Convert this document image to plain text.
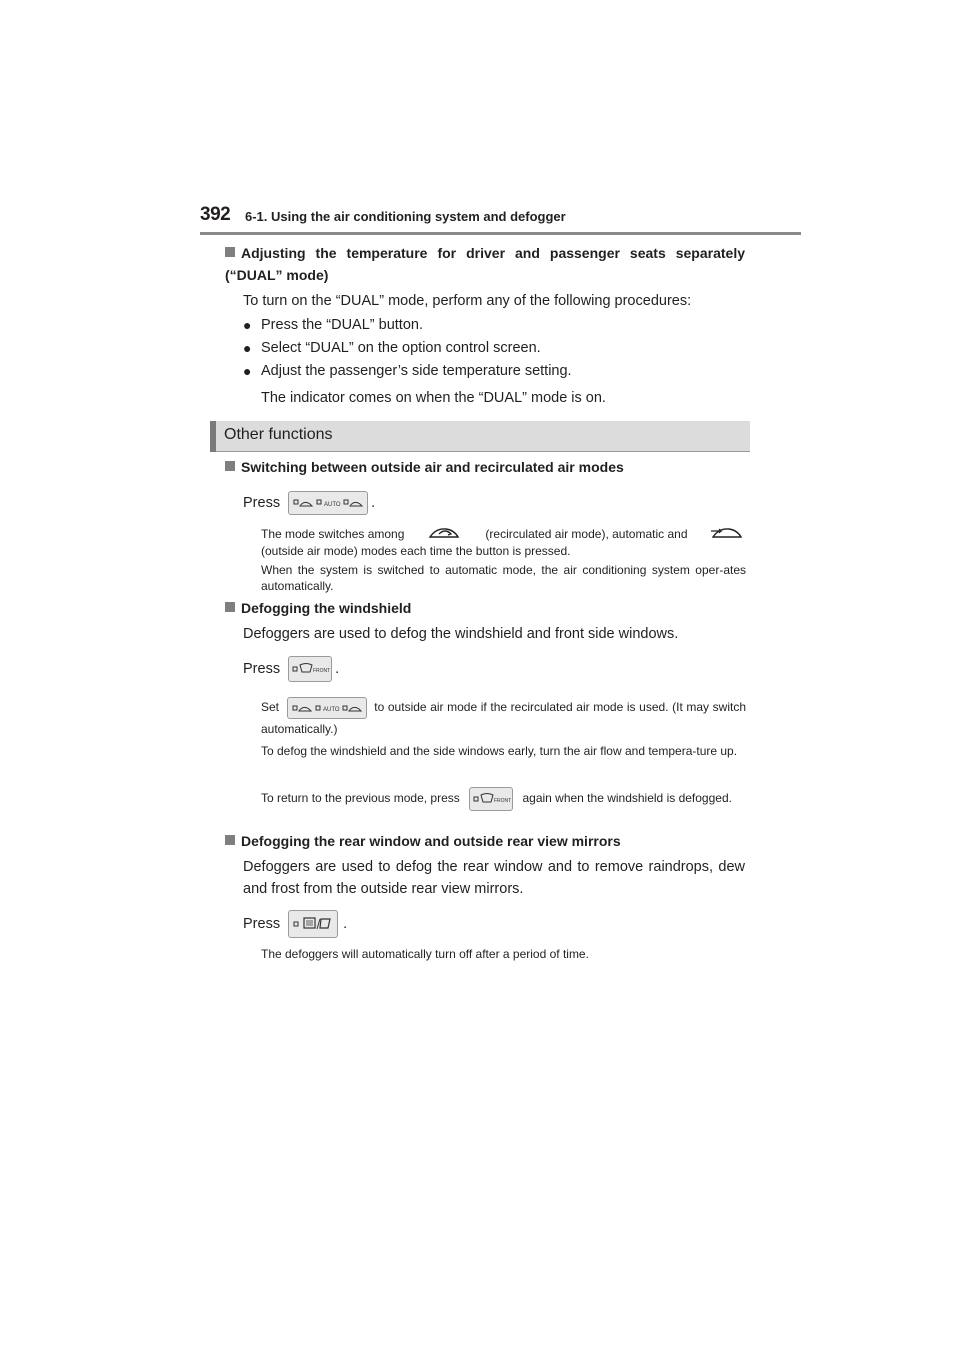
392 6-1. Using the air conditioning system and defogger
Adjusting the temperature for driver and passenger seats separately (“DUAL” mode)
To turn on the “DUAL” mode, perform any of the following procedures:
● Press the “DUAL” button.
● Select “DUAL” on the option control screen.
● Adjust the passenger’s side temperature setting.
The indicator comes on when the “DUAL” mode is on.
Other functions
Switching between outside air and recirculated air modes
Press	AUTO .
The mode switches among	(recirculated air mode), automatic and
(outside air mode) modes each time the button is pressed.
When the system is switched to automatic mode, the air conditioning system oper-ates automatically.
Defogging the windshield
Defoggers are used to defog the windshield and front side windows.
Press	FRONT .
Set	AUTO	to outside air mode if the recirculated air mode is used. (It may switch automatically.)
To defog the windshield and the side windows early, turn the air flow and tempera-ture up.
To return to the previous mode, press	FRONT again when the windshield is defogged.
Defogging the rear window and outside rear view mirrors
Defoggers are used to defog the rear window and to remove raindrops, dew and frost from the outside rear view mirrors.
Press	.
The defoggers will automatically turn off after a period of time.
